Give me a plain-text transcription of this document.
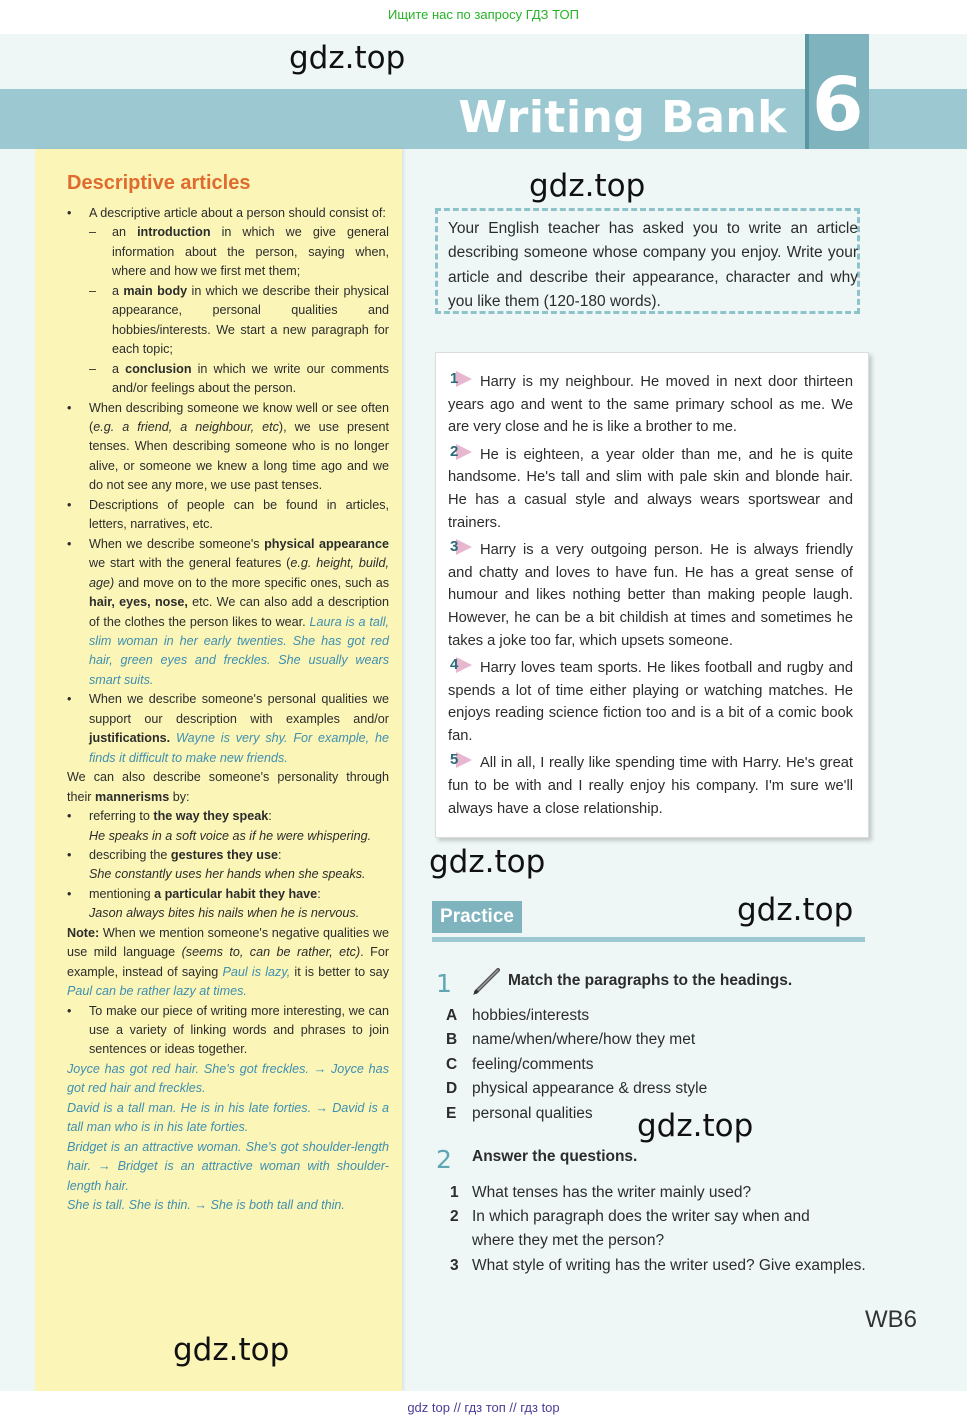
Ищите нас по запросу ГДЗ ТОП
Writing Bank 6
Descriptive articles

• A descriptive article about a person should consist of:

– an introduction in which we give general information about the person, saying when, where and how we first met them;

– a main body in which we describe their physical appearance, personal qualities and hobbies/interests. We start a new paragraph for each topic;

– a conclusion in which we write our comments and/or feelings about the person.

• When describing someone we know well or see often (e.g. a friend, a neighbour, etc), we use present tenses. When describing someone who is no longer alive, or someone we knew a long time ago and we do not see any more, we use past tenses.

• Descriptions of people can be found in articles, letters, narratives, etc.

• When we describe someone's physical appearance we start with the general features (e.g. height, build, age) and move on to the more specific ones, such as hair, eyes, nose, etc. We can also add a description of the clothes the person likes to wear. Laura is a tall, slim woman in her early twenties. She has got red hair, green eyes and freckles. She usually wears smart suits.

• When we describe someone's personal qualities we support our description with examples and/or justifications. Wayne is very shy. For example, he finds it difficult to make new friends.

We can also describe someone's personality through their mannerisms by:

• referring to the way they speak:

He speaks in a soft voice as if he were whispering.

• describing the gestures they use:

She constantly uses her hands when she speaks.

• mentioning a particular habit they have:

Jason always bites his nails when he is nervous.

Note: When we mention someone's negative qualities we use mild language (seems to, can be rather, etc). For example, instead of saying Paul is lazy, it is better to say Paul can be rather lazy at times.

• To make our piece of writing more interesting, we can use a variety of linking words and phrases to join sentences or ideas together.

Joyce has got red hair. She's got freckles. → Joyce has got red hair and freckles.

David is a tall man. He is in his late forties. → David is a tall man who is in his late forties.

Bridget is an attractive woman. She's got shoulder-length hair. → Bridget is an attractive woman with shoulder-length hair.

She is tall. She is thin. → She is both tall and thin.

Your English teacher has asked you to write an article describing someone whose company you enjoy. Write your article and describe their appearance, character and why you like them (120-180 words).

1 Harry is my neighbour. He moved in next door thirteen years ago and went to the same primary school as me. We are very close and he is like a brother to me.

2 He is eighteen, a year older than me, and he is quite handsome. He's tall and slim with pale skin and blonde hair. He has a casual style and always wears sportswear and trainers.

3 Harry is a very outgoing person. He is always friendly and chatty and loves to have fun. He has a great sense of humour and likes nothing better than making people laugh. However, he can be a bit childish at times and sometimes he takes a joke too far, which upsets someone.

4 Harry loves team sports. He likes football and rugby and spends a lot of time either playing or watching matches. He enjoys reading science fiction too and is a bit of a comic book fan.

5 All in all, I really like spending time with Harry. He's great fun to be with and I really enjoy his company. I'm sure we'll always have a close relationship.

Practice
1	Match the paragraphs to the headings.
A hobbies/interests
B name/when/where/how they met
C feeling/comments
D physical appearance & dress style
E personal qualities
2 Answer the questions.
1 What tenses has the writer mainly used?
2 In which paragraph does the writer say when and
where they met the person?
3 What style of writing has the writer used? Give examples.
WB6
gdz.top
gdz.top
gdz.top
gdz.top
gdz.top
gdz.top
gdz top // гдз топ // гдз top
